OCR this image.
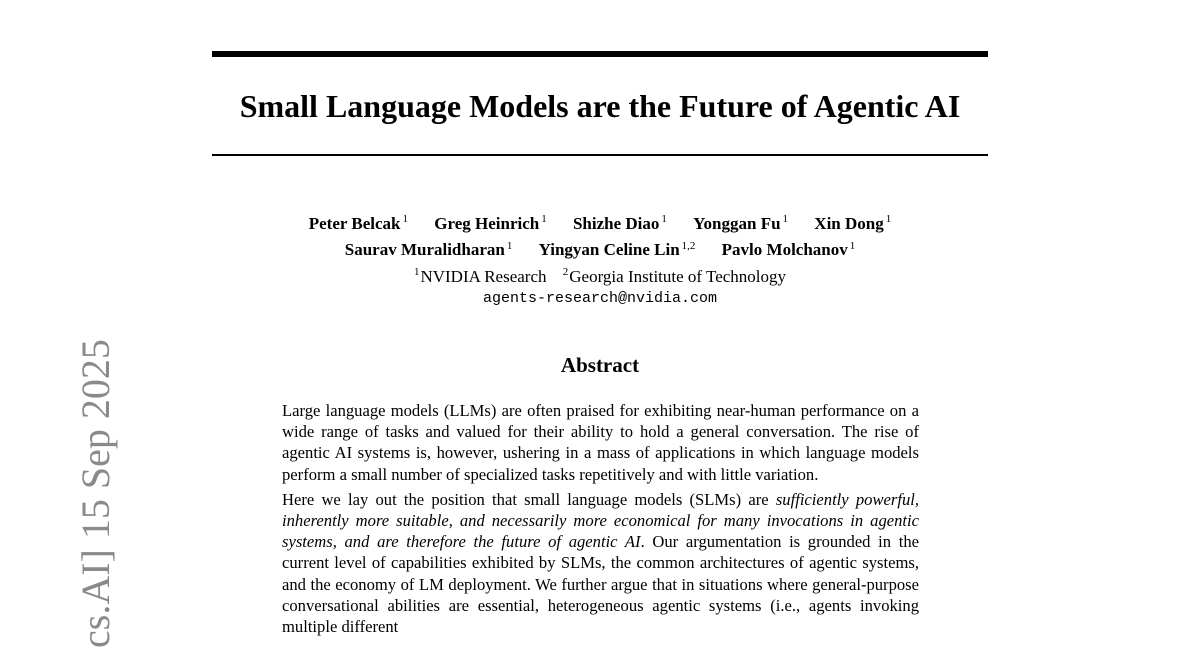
Small Language Models are the Future of Agentic AI
Peter Belcak $^1$ Greg Heinrich $^1$ Shizhe Diao $^1$ Yonggan Fu $^1$ Xin Dong $^1$
Saurav Muralidharan $^1$ Yingyan Celine Lin $^{1,2}$ Pavlo Molchanov $^1$
$^1$NVIDIA Research $^2$Georgia Institute of Technology
agents-research@nvidia.com
Abstract

Large language models (LLMs) are often praised for exhibiting near-human performance on a wide range of tasks and valued for their ability to hold a general conversation. The rise of agentic AI systems is, however, ushering in a mass of applications in which language models perform a small number of specialized tasks repetitively and with little variation.

Here we lay out the position that small language models (SLMs) are sufficiently powerful, inherently more suitable, and necessarily more economical for many invocations in agentic systems, and are therefore the future of agentic AI. Our argumentation is grounded in the current level of capabilities exhibited by SLMs, the common architectures of agentic systems, and the economy of LM deployment. We further argue that in situations where general-purpose conversational abilities are essential, heterogeneous agentic systems (i.e., agents invoking multiple different

cs.AI] 15 Sep 2025
